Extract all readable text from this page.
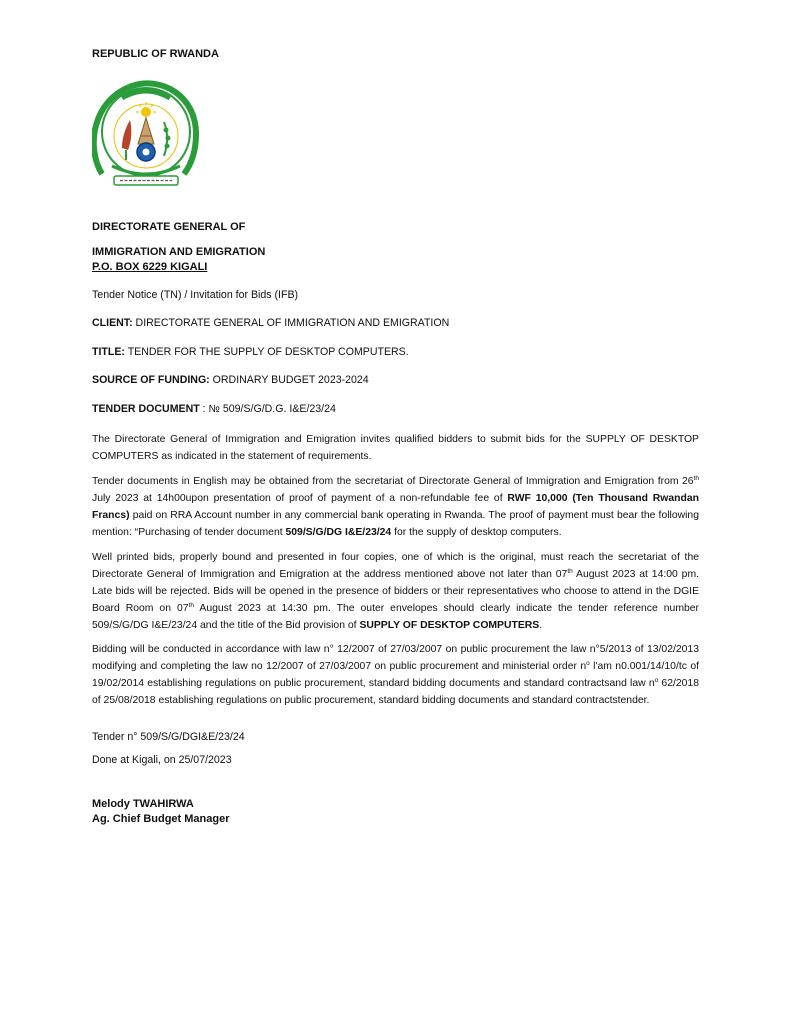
REPUBLIC OF RWANDA
DIRECTORATE GENERAL OF
IMMIGRATION AND EMIGRATION
P.O. BOX 6229 KIGALI
Tender Notice (TN) / Invitation for Bids (IFB)
CLIENT: DIRECTORATE GENERAL OF IMMIGRATION AND EMIGRATION
TITLE: TENDER FOR THE SUPPLY OF DESKTOP COMPUTERS.
SOURCE OF FUNDING: ORDINARY BUDGET 2023-2024
TENDER DOCUMENT : № 509/S/G/D.G. I&E/23/24
The Directorate General of Immigration and Emigration invites qualified bidders to submit bids for the SUPPLY OF DESKTOP COMPUTERS as indicated in the statement of requirements.
Tender documents in English may be obtained from the secretariat of Directorate General of Immigration and Emigration from 26th July 2023 at 14h00upon presentation of proof of payment of a non-refundable fee of RWF 10,000 (Ten Thousand Rwandan Francs) paid on RRA Account number in any commercial bank operating in Rwanda. The proof of payment must bear the following mention: “Purchasing of tender document 509/S/G/DG I&E/23/24 for the supply of desktop computers.
Well printed bids, properly bound and presented in four copies, one of which is the original, must reach the secretariat of the Directorate General of Immigration and Emigration at the address mentioned above not later than 07th August 2023 at 14:00 pm. Late bids will be rejected. Bids will be opened in the presence of bidders or their representatives who choose to attend in the DGIE Board Room on 07th August 2023 at 14:30 pm. The outer envelopes should clearly indicate the tender reference number 509/S/G/DG I&E/23/24 and the title of the Bid provision of SUPPLY OF DESKTOP COMPUTERS.
Bidding will be conducted in accordance with law n° 12/2007 of 27/03/2007 on public procurement the law n°5/2013 of 13/02/2013 modifying and completing the law no 12/2007 of 27/03/2007 on public procurement and ministerial order $n^o$ l'am n0.001/14/10/tc of 19/02/2014 establishing regulations on public procurement, standard bidding documents and standard contractsand law $n^o$ 62/2018 of 25/08/2018 establishing regulations on public procurement, standard bidding documents and standard contractstender.
Tender n° 509/S/G/DGI&E/23/24
Done at Kigali, on 25/07/2023
Melody TWAHIRWA
Ag. Chief Budget Manager
